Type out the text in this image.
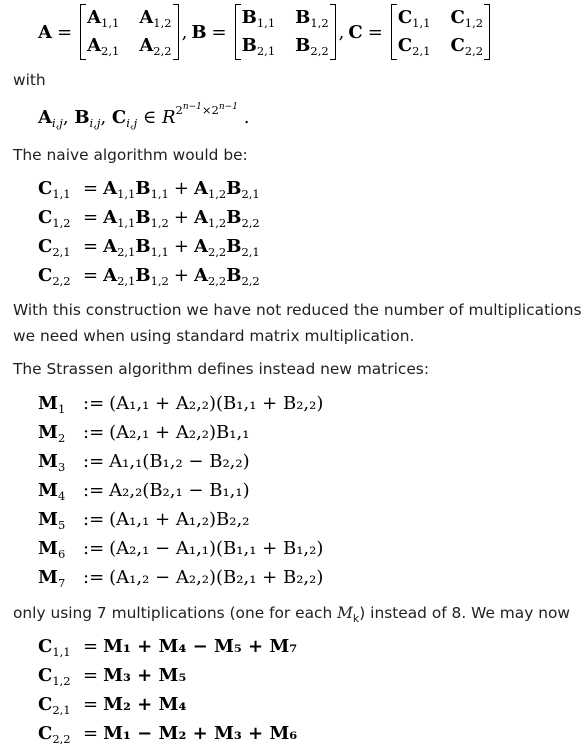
A =
$A_{1,1}$ $A_{1,2}$
$A_{2,1}$ $A_{2,2}$
, B =
$B_{1,1}$ $B_{1,2}$
$B_{2,1}$ $B_{2,2}$
, C =
$C_{1,1}$ $C_{1,2}$
$C_{2,1}$ $C_{2,2}$
with
$A_{i,j}$, $B_{i,j}$, $C_{i,j}$ ∈ $R^{2^{n-1}\times 2^{n-1}}$ .
The naive algorithm would be:
$C_{1,1} = A_{1,1}B_{1,1} + A_{1,2}B_{2,1}$
$C_{1,2} = A_{1,1}B_{1,2} + A_{1,2}B_{2,2}$
$C_{2,1} = A_{2,1}B_{1,1} + A_{2,2}B_{2,1}$
$C_{2,2} = A_{2,1}B_{1,2} + A_{2,2}B_{2,2}$
With this construction we have not reduced the number of multiplications
we need when using standard matrix multiplication.
The Strassen algorithm defines instead new matrices:
$M_1$ := (A₁,₁ + A₂,₂)(B₁,₁ + B₂,₂)
$M_2$ := (A₂,₁ + A₂,₂)B₁,₁
$M_3$ := A₁,₁(B₁,₂ − B₂,₂)
$M_4$ := A₂,₂(B₂,₁ − B₁,₁)
$M_5$ := (A₁,₁ + A₁,₂)B₂,₂
$M_6$ := (A₂,₁ − A₁,₁)(B₁,₁ + B₁,₂)
$M_7$ := (A₁,₂ − A₂,₂)(B₂,₁ + B₂,₂)
only using 7 multiplications (one for each $M_k$) instead of 8. We may now
$C_{1,1} = M_1 + M_4 - M_5 + M_7$
$C_{1,2} = M_3 + M_5$
$C_{2,1} = M_2 + M_4$
$C_{2,2} = M_1 - M_2 + M_3 + M_6$
